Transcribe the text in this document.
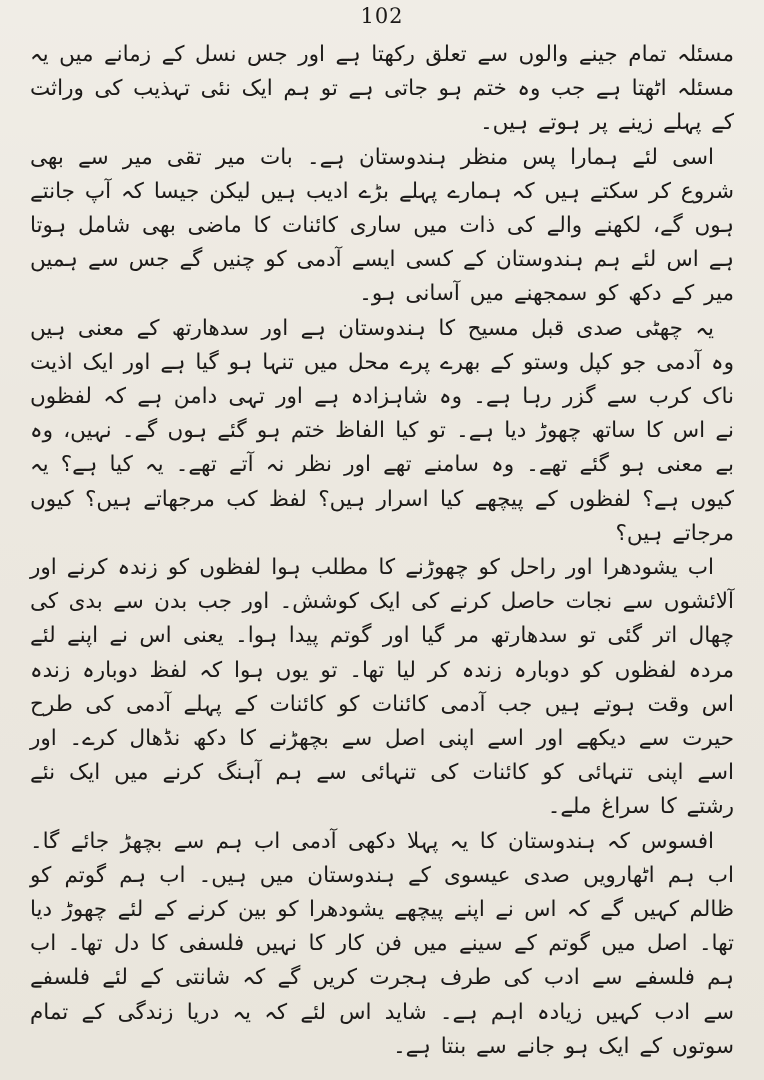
102

مسئلہ تمام جینے والوں سے تعلق رکھتا ہے اور جس نسل کے زمانے میں یہ مسئلہ اٹھتا ہے جب وہ ختم ہو جاتی ہے تو ہم ایک نئی تہذیب کی وراثت کے پہلے زینے پر ہوتے ہیں۔

اسی لئے ہمارا پس منظر ہندوستان ہے۔ بات میر تقی میر سے بھی شروع کر سکتے ہیں کہ ہمارے پہلے بڑے ادیب ہیں لیکن جیسا کہ آپ جانتے ہوں گے، لکھنے والے کی ذات میں ساری کائنات کا ماضی بھی شامل ہوتا ہے اس لئے ہم ہندوستان کے کسی ایسے آدمی کو چنیں گے جس سے ہمیں میر کے دکھ کو سمجھنے میں آسانی ہو۔

یہ چھٹی صدی قبل مسیح کا ہندوستان ہے اور سدھارتھ کے معنی ہیں وہ آدمی جو کپل وستو کے بھرے پرے محل میں تنہا ہو گیا ہے اور ایک اذیت ناک کرب سے گزر رہا ہے۔ وہ شاہزادہ ہے اور تہی دامن ہے کہ لفظوں نے اس کا ساتھ چھوڑ دیا ہے۔ تو کیا الفاظ ختم ہو گئے ہوں گے۔ نہیں، وہ بے معنی ہو گئے تھے۔ وہ سامنے تھے اور نظر نہ آتے تھے۔ یہ کیا ہے؟ یہ کیوں ہے؟ لفظوں کے پیچھے کیا اسرار ہیں؟ لفظ کب مرجھاتے ہیں؟ کیوں مرجاتے ہیں؟

اب یشودھرا اور راحل کو چھوڑنے کا مطلب ہوا لفظوں کو زندہ کرنے اور آلائشوں سے نجات حاصل کرنے کی ایک کوشش۔ اور جب بدن سے بدی کی چھال اتر گئی تو سدھارتھ مر گیا اور گوتم پیدا ہوا۔ یعنی اس نے اپنے لئے مردہ لفظوں کو دوبارہ زندہ کر لیا تھا۔ تو یوں ہوا کہ لفظ دوبارہ زندہ اس وقت ہوتے ہیں جب آدمی کائنات کو کائنات کے پہلے آدمی کی طرح حیرت سے دیکھے اور اسے اپنی اصل سے بچھڑنے کا دکھ نڈھال کرے۔ اور اسے اپنی تنہائی کو کائنات کی تنہائی سے ہم آہنگ کرنے میں ایک نئے رشتے کا سراغ ملے۔

افسوس کہ ہندوستان کا یہ پہلا دکھی آدمی اب ہم سے بچھڑ جائے گا۔ اب ہم اٹھارویں صدی عیسوی کے ہندوستان میں ہیں۔ اب ہم گوتم کو ظالم کہیں گے کہ اس نے اپنے پیچھے یشودھرا کو بین کرنے کے لئے چھوڑ دیا تھا۔ اصل میں گوتم کے سینے میں فن کار کا نہیں فلسفی کا دل تھا۔ اب ہم فلسفے سے ادب کی طرف ہجرت کریں گے کہ شانتی کے لئے فلسفے سے ادب کہیں زیادہ اہم ہے۔ شاید اس لئے کہ یہ دریا زندگی کے تمام سوتوں کے ایک ہو جانے سے بنتا ہے۔
